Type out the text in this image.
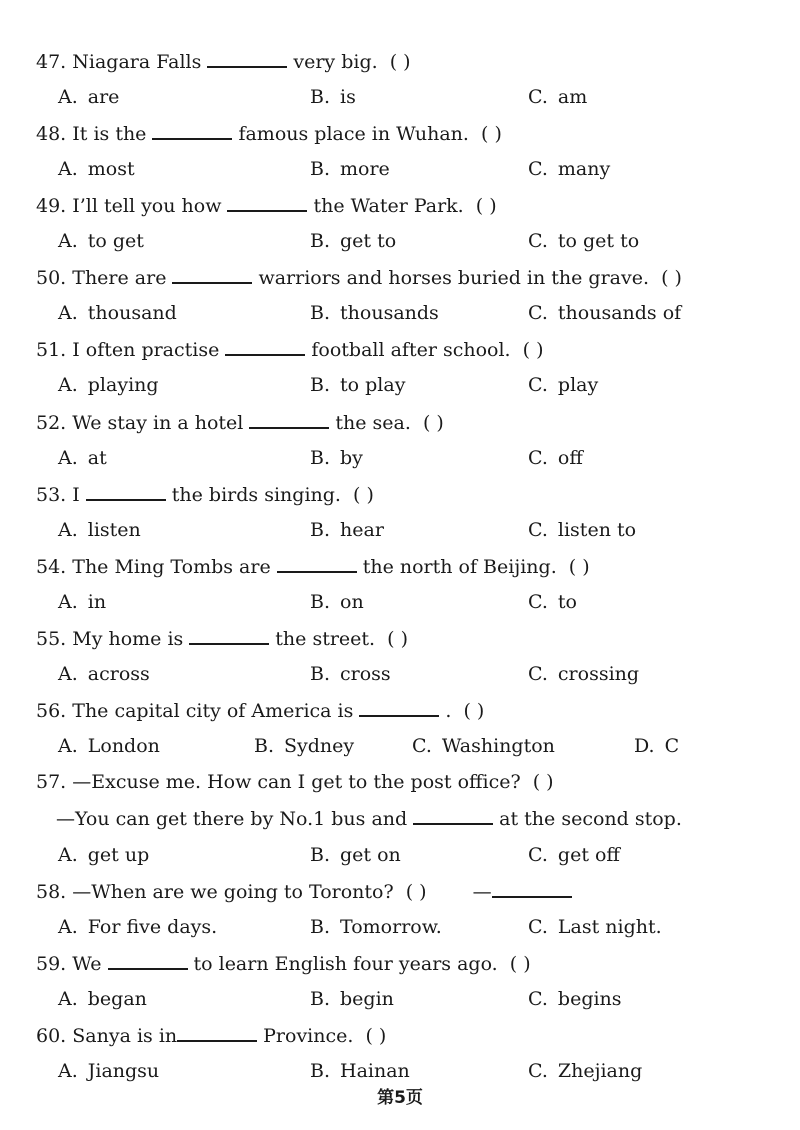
47. Niagara Falls	very big. ( )
A. are	B. is	C. am
48. It is the	famous place in Wuhan. ( )
A. most	B. more	C. many
49. I’ll tell you how	the Water Park. ( )
A. to get	B. get to	C. to get to
50. There are	warriors and horses buried in the grave. ( )
A. thousand	B. thousands	C. thousands of
51. I often practise	football after school. ( )
A. playing	B. to play	C. play
52. We stay in a hotel	the sea. ( )
A. at	B. by	C. off
53. I	the birds singing. ( )
A. listen	B. hear	C. listen to
54. The Ming Tombs are	the north of Beijing. ( )
A. in	B. on	C. to
55. My home is	the street. ( )
A. across	B. cross	C. crossing
56. The capital city of America is	. ( )
A. London	B. Sydney	C. Washington	D. C
57. —Excuse me. How can I get to the post office? ( )
—You can get there by No.1 bus and	at the second stop.
A. get up	B. get on	C. get off
58. —When are we going to Toronto? ( ) —
A. For five days.	B. Tomorrow.	C. Last night.
59. We	to learn English four years ago. ( )
A. began	B. begin	C. begins
60. Sanya is in	Province. ( )
A. Jiangsu	B. Hainan	C. Zhejiang
第5页
